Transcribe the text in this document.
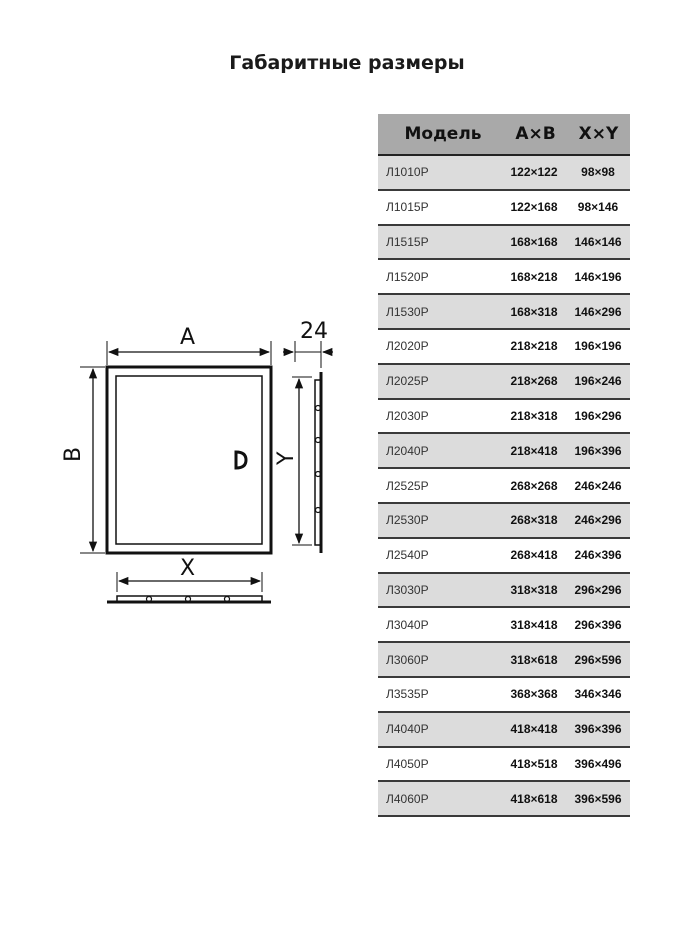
Габаритные размеры
A
B	Y
24
X
Модель	A×B	X×Y
Л1010Р	122×122	98×98
Л1015Р	122×168	98×146
Л1515Р	168×168	146×146
Л1520Р	168×218	146×196
Л1530Р	168×318	146×296
Л2020Р	218×218	196×196
Л2025Р	218×268	196×246
Л2030Р	218×318	196×296
Л2040Р	218×418	196×396
Л2525Р	268×268	246×246
Л2530Р	268×318	246×296
Л2540Р	268×418	246×396
Л3030Р	318×318	296×296
Л3040Р	318×418	296×396
Л3060Р	318×618	296×596
Л3535Р	368×368	346×346
Л4040Р	418×418	396×396
Л4050Р	418×518	396×496
Л4060Р	418×618	396×596
